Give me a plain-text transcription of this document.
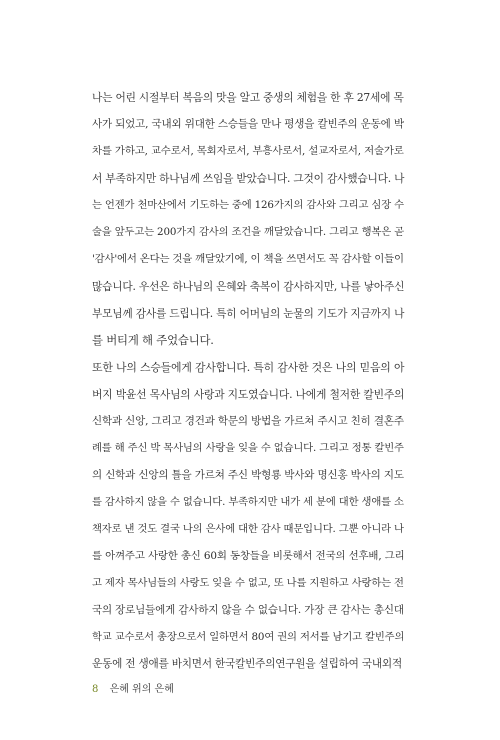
나는 어린 시절부터 복음의 맛을 알고 중생의 체험을 한 후 27세에 목
사가 되었고, 국내외 위대한 스승들을 만나 평생을 칼빈주의 운동에 박
차를 가하고, 교수로서, 목회자로서, 부흥사로서, 설교자로서, 저술가로
서 부족하지만 하나님께 쓰임을 받았습니다. 그것이 감사했습니다. 나
는 언젠가 천마산에서 기도하는 중에 126가지의 감사와 그리고 심장 수
술을 앞두고는 200가지 감사의 조건을 깨달았습니다. 그리고 행복은 곧
'감사'에서 온다는 것을 깨달았기에, 이 책을 쓰면서도 꼭 감사할 이들이
많습니다. 우선은 하나님의 은혜와 축복이 감사하지만, 나를 낳아주신
부모님께 감사를 드립니다. 특히 어머님의 눈물의 기도가 지금까지 나
를 버티게 해 주었습니다.
또한 나의 스승들에게 감사합니다. 특히 감사한 것은 나의 믿음의 아
버지 박윤선 목사님의 사랑과 지도였습니다. 나에게 철저한 칼빈주의
신학과 신앙, 그리고 경건과 학문의 방법을 가르쳐 주시고 친히 결혼주
례를 해 주신 박 목사님의 사랑을 잊을 수 없습니다. 그리고 정통 칼빈주
의 신학과 신앙의 틀을 가르쳐 주신 박형룡 박사와 명신홍 박사의 지도
를 감사하지 않을 수 없습니다. 부족하지만 내가 세 분에 대한 생애를 소
책자로 낸 것도 결국 나의 은사에 대한 감사 때문입니다. 그뿐 아니라 나
를 아껴주고 사랑한 총신 60회 동창들을 비롯해서 전국의 선후배, 그리
고 제자 목사님들의 사랑도 잊을 수 없고, 또 나를 지원하고 사랑하는 전
국의 장로님들에게 감사하지 않을 수 없습니다. 가장 큰 감사는 총신대
학교 교수로서 총장으로서 일하면서 80여 권의 저서를 남기고 칼빈주의
운동에 전 생애를 바치면서 한국칼빈주의연구원을 설립하여 국내외적
8 은혜 위의 은혜
